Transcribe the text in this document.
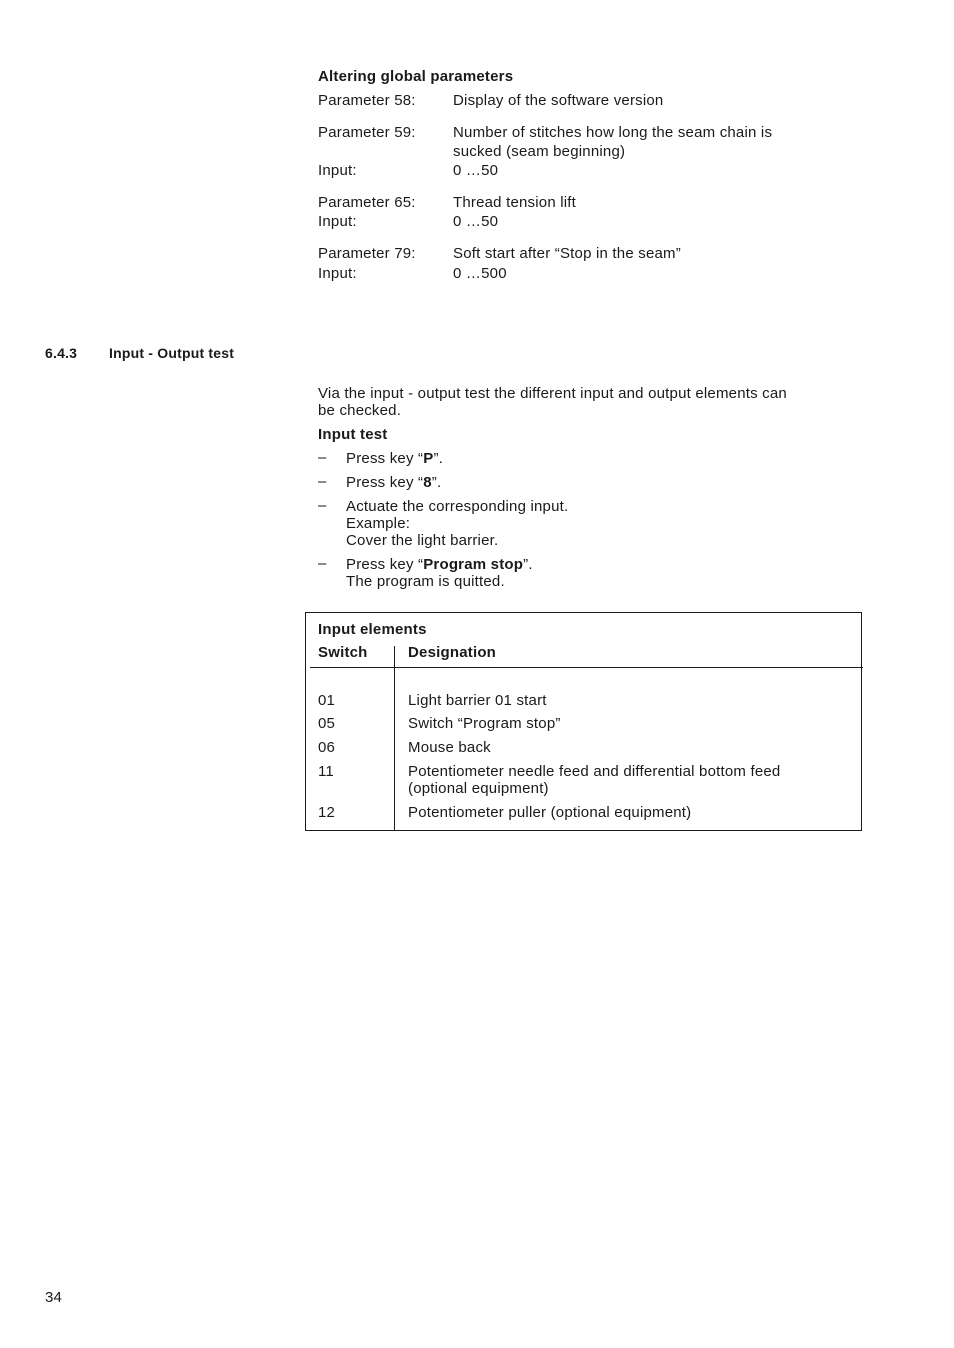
Altering global parameters
Parameter 58: Display of the software version
Parameter 59: Number of stitches how long the seam chain is
sucked (seam beginning)
Input:	0 …50
Parameter 65: Thread tension lift
Input:	0 …50
Parameter 79: Soft start after “Stop in the seam”
Input:	0 …500
6.4.3 Input - Output test
Via the input - output test the different input and output elements can
be checked.
Input test
– Press key “P”.
– Press key “8”.
– Actuate the corresponding input.
Example:
Cover the light barrier.
– Press key “Program stop”.
The program is quitted.
Input elements
Switch	Designation
01	Light barrier 01 start
05	Switch “Program stop”
06	Mouse back
11	Potentiometer needle feed and differential bottom feed
(optional equipment)
12	Potentiometer puller (optional equipment)
34
